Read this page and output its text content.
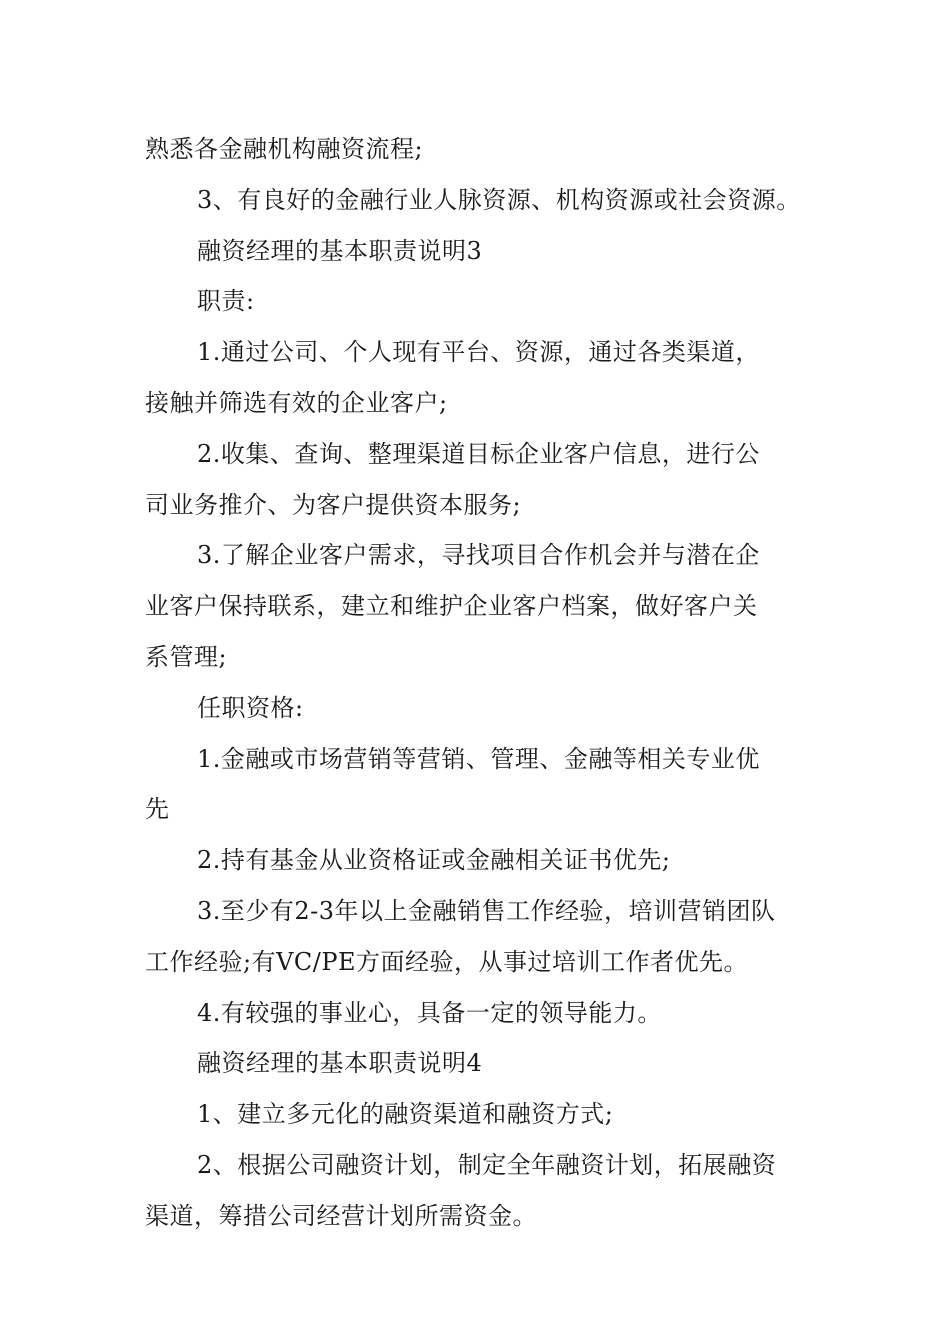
熟悉各金融机构融资流程;

3、有良好的金融行业人脉资源、机构资源或社会资源。

融资经理的基本职责说明3

职责:

1.通过公司、个人现有平台、资源，通过各类渠道，

接触并筛选有效的企业客户;

2.收集、查询、整理渠道目标企业客户信息，进行公

司业务推介、为客户提供资本服务;

3.了解企业客户需求，寻找项目合作机会并与潜在企

业客户保持联系，建立和维护企业客户档案，做好客户关

系管理;

任职资格:

1.金融或市场营销等营销、管理、金融等相关专业优

先

2.持有基金从业资格证或金融相关证书优先;

3.至少有2-3年以上金融销售工作经验，培训营销团队

工作经验;有VC/PE方面经验，从事过培训工作者优先。

4.有较强的事业心，具备一定的领导能力。

融资经理的基本职责说明4

1、建立多元化的融资渠道和融资方式;

2、根据公司融资计划，制定全年融资计划，拓展融资

渠道，筹措公司经营计划所需资金。
